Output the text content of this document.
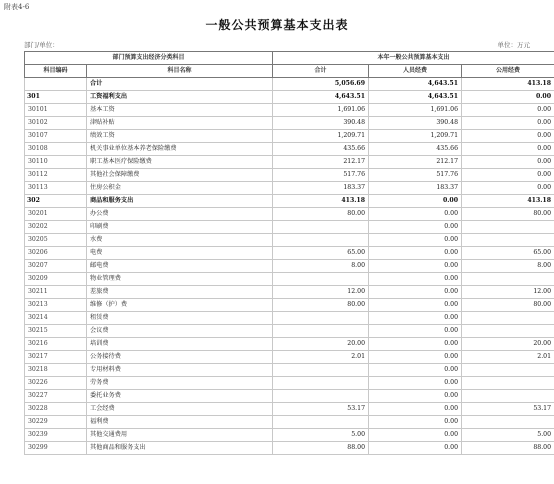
附表4-6
一般公共预算基本支出表
部门/单位：	单位：万元
部门预算支出经济分类科目		本年一般公共预算基本支出		
科目编码	科目名称	合计	人员经费	公用经费
	合计	5,056.69	4,643.51	413.18
301	工资福利支出	4,643.51	4,643.51	0.00
30101	基本工资	1,691.06	1,691.06	0.00
30102	津贴补贴	390.48	390.48	0.00
30107	绩效工资	1,209.71	1,209.71	0.00
30108	机关事业单位基本养老保险缴费	435.66	435.66	0.00
30110	职工基本医疗保险缴费	212.17	212.17	0.00
30112	其他社会保障缴费	517.76	517.76	0.00
30113	住房公积金	183.37	183.37	0.00
302	商品和服务支出	413.18	0.00	413.18
30201	办公费	80.00	0.00	80.00
30202	印刷费		0.00	
30205	水费		0.00	
30206	电费	65.00	0.00	65.00
30207	邮电费	8.00	0.00	8.00
30209	物业管理费		0.00	
30211	差旅费	12.00	0.00	12.00
30213	维修（护）费	80.00	0.00	80.00
30214	租赁费		0.00	
30215	会议费		0.00	
30216	培训费	20.00	0.00	20.00
30217	公务接待费	2.01	0.00	2.01
30218	专用材料费		0.00	
30226	劳务费		0.00	
30227	委托业务费		0.00	
30228	工会经费	53.17	0.00	53.17
30229	福利费		0.00	
30239	其他交通费用	5.00	0.00	5.00
30299	其他商品和服务支出	88.00	0.00	88.00
